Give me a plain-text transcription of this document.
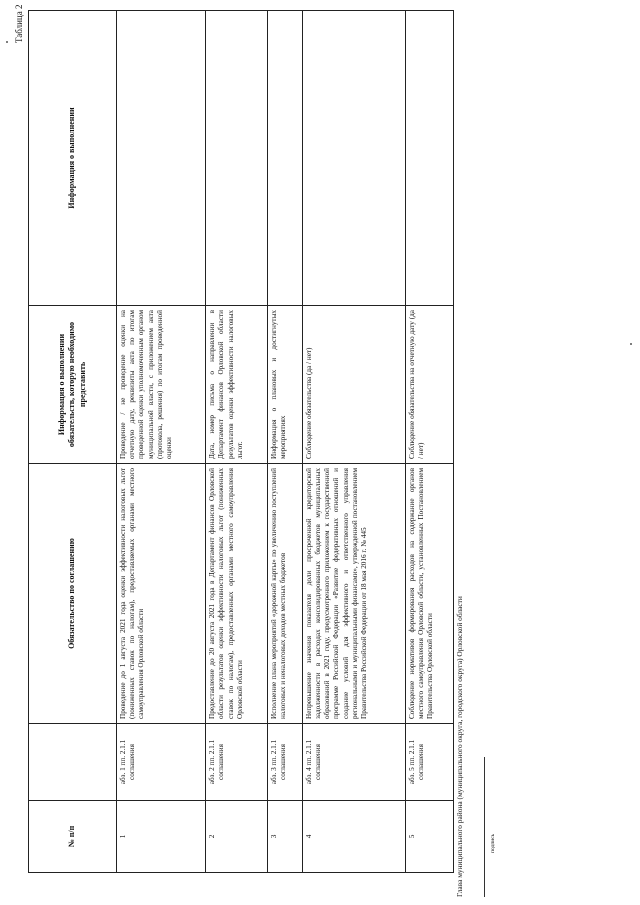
Таблица 2
№ п/п		Обязательство по соглашению	Информация о выполнении обязательств, которую необходимо представить	Информация о выполнении
1	абз. 1 пп. 2.1.1 соглашения	Проведение до 1 августа 2021 года оценки эффективности налоговых льгот (пониженных ставок по налогам), предоставляемых органами местного самоуправления Орловской области	Проведение / не проведение оценки на отчетную дату, реквизиты акта по итогам проведенной оценки уполномоченным органом муниципальной власти, с приложением акта (протокола, решения) по итогам проведенной оценки	
2	абз. 2 пп. 2.1.1 соглашения	Предоставление до 20 августа 2021 года в Департамент финансов Орловской области результатов оценки эффективности налоговых льгот (пониженных ставок по налогам), предоставленных органами местного самоуправления Орловской области	Дата, номер письма о направлении в Департамент финансов Орловской области результатов оценки эффективности налоговых льгот.	
3	абз. 3 пп. 2.1.1 соглашения	Исполнение плана мероприятий «дорожной карты» по увеличению поступлений налоговых и неналоговых доходов местных бюджетов	Информация о плановых и достигнутых мероприятиях	
4	абз. 4 пп. 2.1.1 соглашения	Непревышение значения показателя доли просроченной кредиторской задолженности в расходах консолидированных бюджетов муниципальных образований в 2021 году, предусмотренного приложением к государственной программе Российской Федерации «Развитие федеративных отношений и создание условий для эффективного и ответственного управления региональными и муниципальными финансами», утвержденной постановлением Правительства Российской Федерации от 18 мая 2016 г. № 445	Соблюдение обязательства (да / нет)	
5	абз. 5 пп. 2.1.1 соглашения	Соблюдение нормативов формирования расходов на содержание органов местного самоуправления Орловской области, установленных Постановлением Правительства Орловской области	Соблюдение обязательства на отчетную дату (да / нет)	
Глава муниципального района (муниципального округа, городского округа) Орловской области	подпись
